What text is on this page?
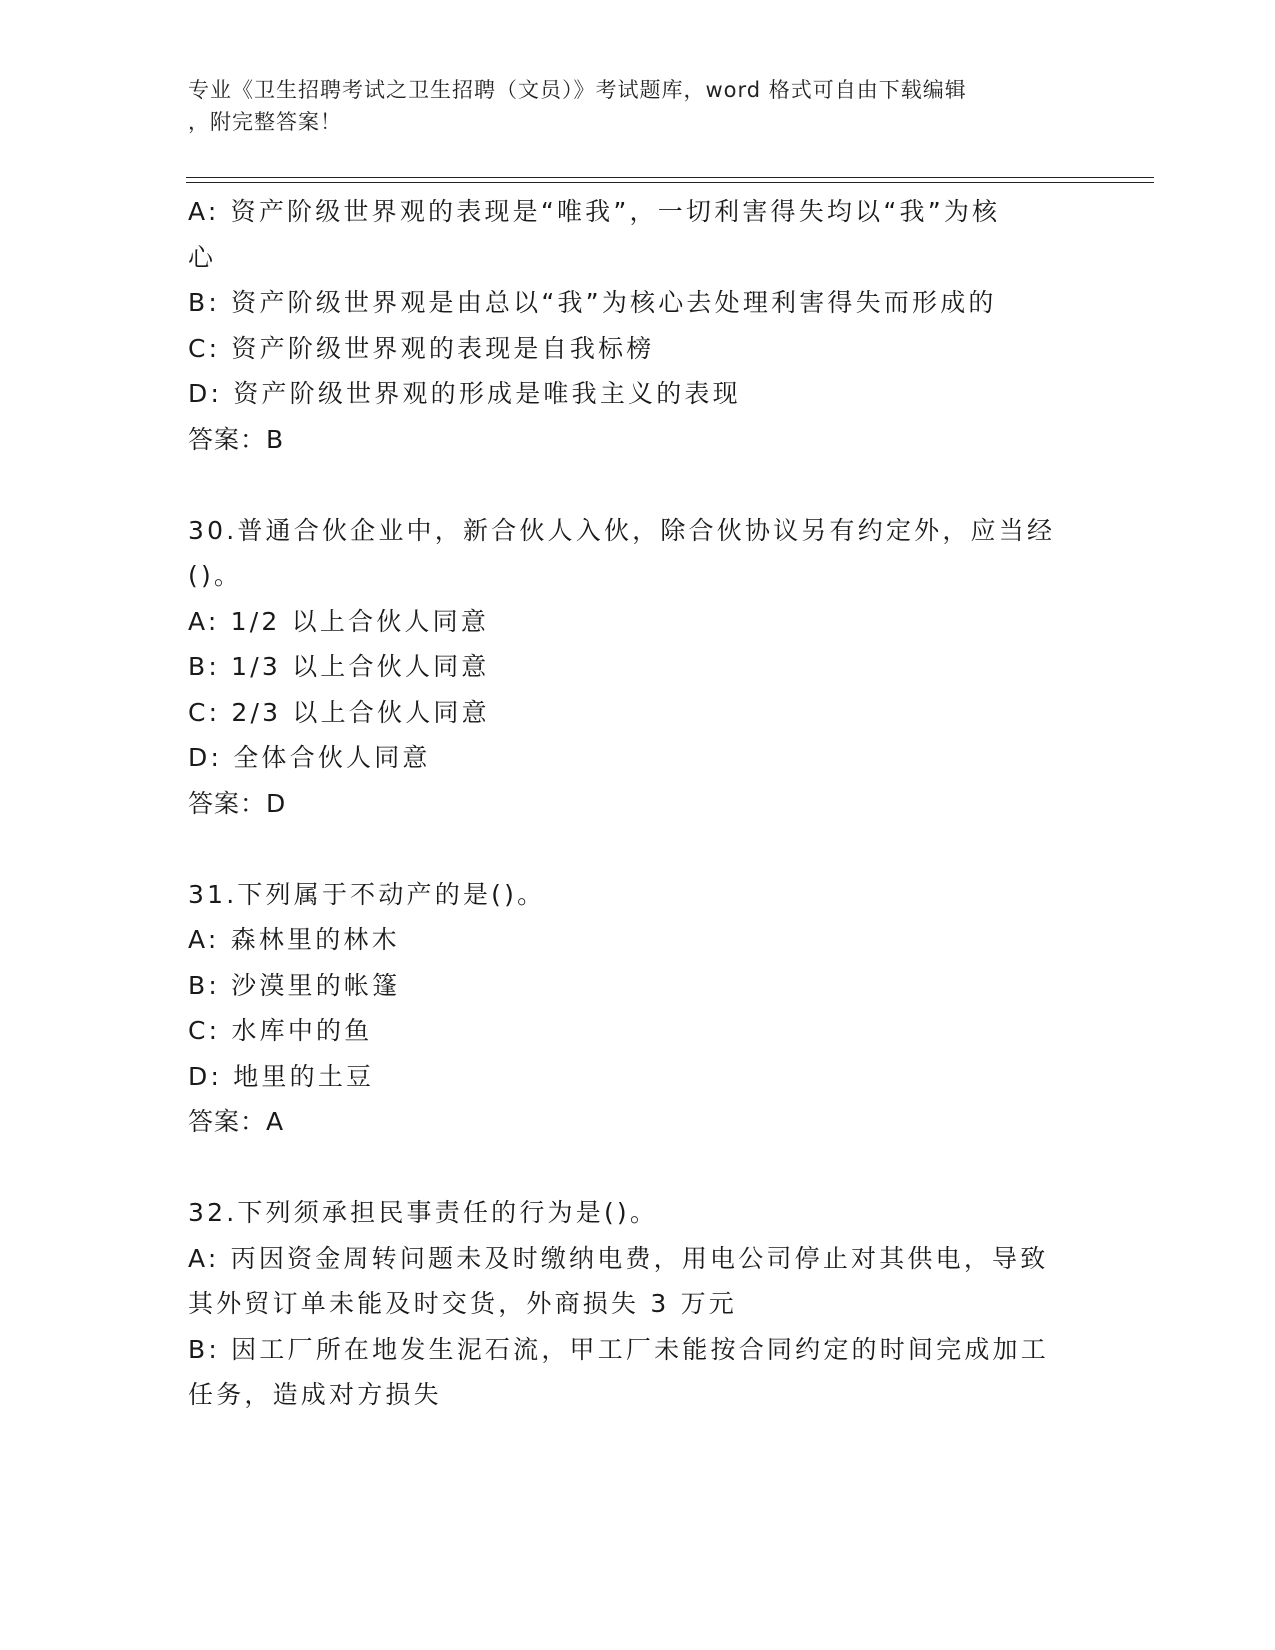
专业《卫生招聘考试之卫生招聘（文员）》考试题库，word 格式可自由下载编辑
，附完整答案！
A: 资产阶级世界观的表现是“唯我”，一切利害得失均以“我”为核
心
B: 资产阶级世界观是由总以“我”为核心去处理利害得失而形成的
C: 资产阶级世界观的表现是自我标榜
D: 资产阶级世界观的形成是唯我主义的表现
答案：B
30.普通合伙企业中，新合伙人入伙，除合伙协议另有约定外，应当经
()。
A: 1/2 以上合伙人同意
B: 1/3 以上合伙人同意
C: 2/3 以上合伙人同意
D: 全体合伙人同意
答案：D
31.下列属于不动产的是()。
A: 森林里的林木
B: 沙漠里的帐篷
C: 水库中的鱼
D: 地里的土豆
答案：A
32.下列须承担民事责任的行为是()。
A: 丙因资金周转问题未及时缴纳电费，用电公司停止对其供电，导致
其外贸订单未能及时交货，外商损失 3 万元
B: 因工厂所在地发生泥石流，甲工厂未能按合同约定的时间完成加工
任务，造成对方损失
